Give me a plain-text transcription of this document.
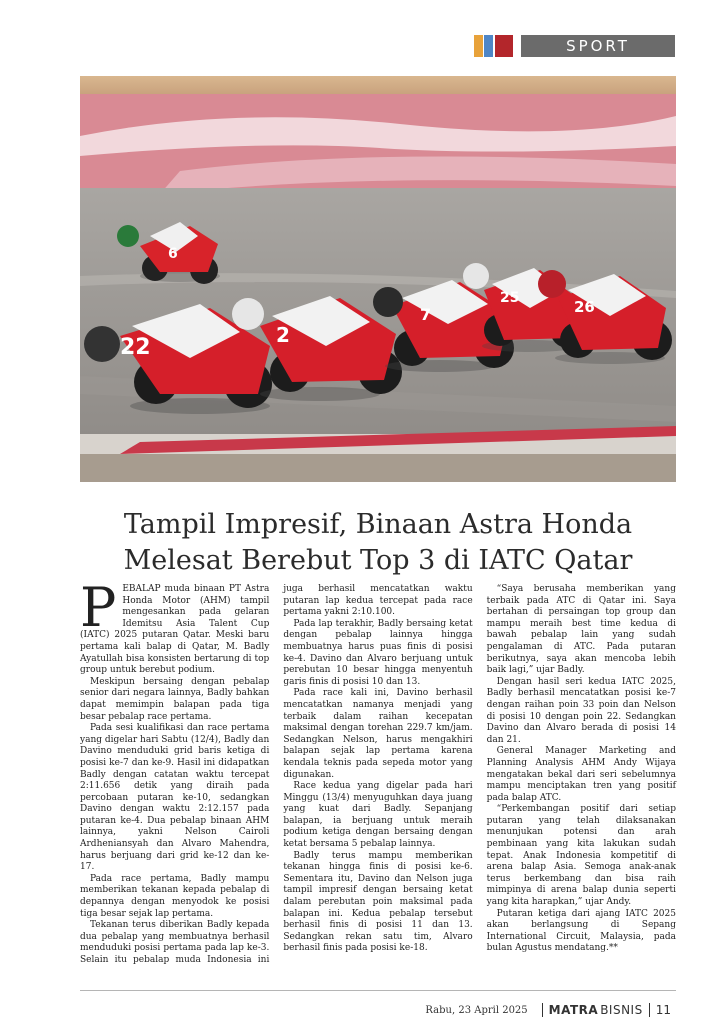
SPORT
6
22	2
7
25	26
Tampil Impresif, Binaan Astra Honda
Melesat Berebut Top 3 di IATC Qatar

PEBALAP muda binaan PT Astra Honda Motor (AHM) tampil mengesankan pada gelaran Idemitsu Asia Talent Cup (IATC) 2025 putaran Qatar. Meski baru pertama kali balap di Qatar, M. Badly Ayatullah bisa konsisten bertarung di top group untuk berebut podium.

Meskipun bersaing dengan pebalap senior dari negara lainnya, Badly bahkan dapat memimpin balapan pada tiga besar pebalap race pertama.

Pada sesi kualifikasi dan race pertama yang digelar hari Sabtu (12/4), Badly dan Davino menduduki grid baris ketiga di posisi ke-7 dan ke-9. Hasil ini didapatkan Badly dengan catatan waktu tercepat 2:11.656 detik yang diraih pada percobaan putaran ke-10, sedangkan Davino dengan waktu 2:12.157 pada putaran ke-4. Dua pebalap binaan AHM lainnya, yakni Nelson Cairoli Ardheniansyah dan Alvaro Mahendra, harus berjuang dari grid ke-12 dan ke-17.

Pada race pertama, Badly mampu memberikan tekanan kepada pebalap di depannya dengan menyodok ke posisi tiga besar sejak lap pertama.

Tekanan terus diberikan Badly kepada dua pebalap yang membuatnya berhasil menduduki posisi pertama pada lap ke-3. Selain itu pebalap muda Indonesia ini juga berhasil mencatatkan waktu putaran lap kedua tercepat pada race pertama yakni 2:10.100.

Pada lap terakhir, Badly bersaing ketat dengan pebalap lainnya hingga membuatnya harus puas finis di posisi ke-4. Davino dan Alvaro berjuang untuk perebutan 10 besar hingga menyentuh garis finis di posisi 10 dan 13.

Pada race kali ini, Davino berhasil mencatatkan namanya menjadi yang terbaik dalam raihan kecepatan maksimal dengan torehan 229.7 km/jam. Sedangkan Nelson, harus mengakhiri balapan sejak lap pertama karena kendala teknis pada sepeda motor yang digunakan.

Race kedua yang digelar pada hari Minggu (13/4) menyuguhkan daya juang yang kuat dari Badly. Sepanjang balapan, ia berjuang untuk meraih podium ketiga dengan bersaing dengan ketat bersama 5 pebalap lainnya.

Badly terus mampu memberikan tekanan hingga finis di posisi ke-6. Sementara itu, Davino dan Nelson juga tampil impresif dengan bersaing ketat dalam perebutan poin maksimal pada balapan ini. Kedua pebalap tersebut berhasil finis di posisi 11 dan 13. Sedangkan rekan satu tim, Alvaro berhasil finis pada posisi ke-18.

“Saya berusaha memberikan yang terbaik pada ATC di Qatar ini. Saya bertahan di persaingan top group dan mampu meraih best time kedua di bawah pebalap lain yang sudah pengalaman di ATC. Pada putaran berikutnya, saya akan mencoba lebih baik lagi,” ujar Badly.

Dengan hasil seri kedua IATC 2025, Badly berhasil mencatatkan posisi ke-7 dengan raihan poin 33 poin dan Nelson di posisi 10 dengan poin 22. Sedangkan Davino dan Alvaro berada di posisi 14 dan 21.

General Manager Marketing and Planning Analysis AHM Andy Wijaya mengatakan bekal dari seri sebelumnya mampu menciptakan tren yang positif pada balap ATC.

“Perkembangan positif dari setiap putaran yang telah dilaksanakan menunjukan potensi dan arah pembinaan yang kita lakukan sudah tepat. Anak Indonesia kompetitif di arena balap Asia. Semoga anak-anak terus berkembang dan bisa raih mimpinya di arena balap dunia seperti yang kita harapkan,” ujar Andy.

Putaran ketiga dari ajang IATC 2025 akan berlangsung di Sepang International Circuit, Malaysia, pada bulan Agustus mendatang.**

Rabu, 23 April 2025 MATRA BISNIS 11
